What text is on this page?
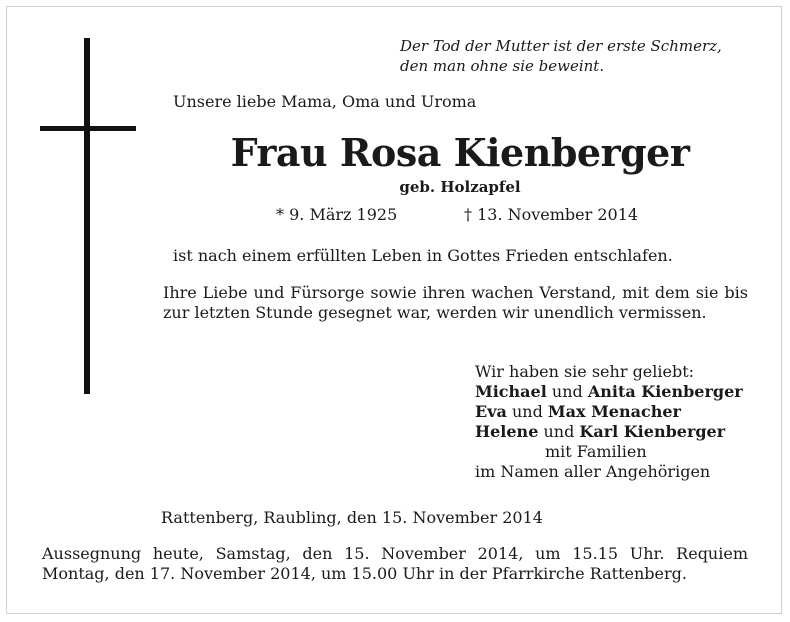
Der Tod der Mutter ist der erste Schmerz,
den man ohne sie beweint.
Unsere liebe Mama, Oma und Uroma
Frau Rosa Kienberger
geb. Holzapfel
* 9. März 1925	† 13. November 2014
ist nach einem erfüllten Leben in Gottes Frieden entschlafen.
Ihre Liebe und Fürsorge sowie ihren wachen Verstand, mit dem sie bis zur letzten Stunde gesegnet war, werden wir unendlich vermissen.
Wir haben sie sehr geliebt:
Michael und Anita Kienberger
Eva und Max Menacher
Helene und Karl Kienberger
mit Familien
im Namen aller Angehörigen
Rattenberg, Raubling, den 15. November 2014
Aussegnung heute, Samstag, den 15. November 2014, um 15.15 Uhr. Requiem Montag, den 17. November 2014, um 15.00 Uhr in der Pfarrkirche Rattenberg.
